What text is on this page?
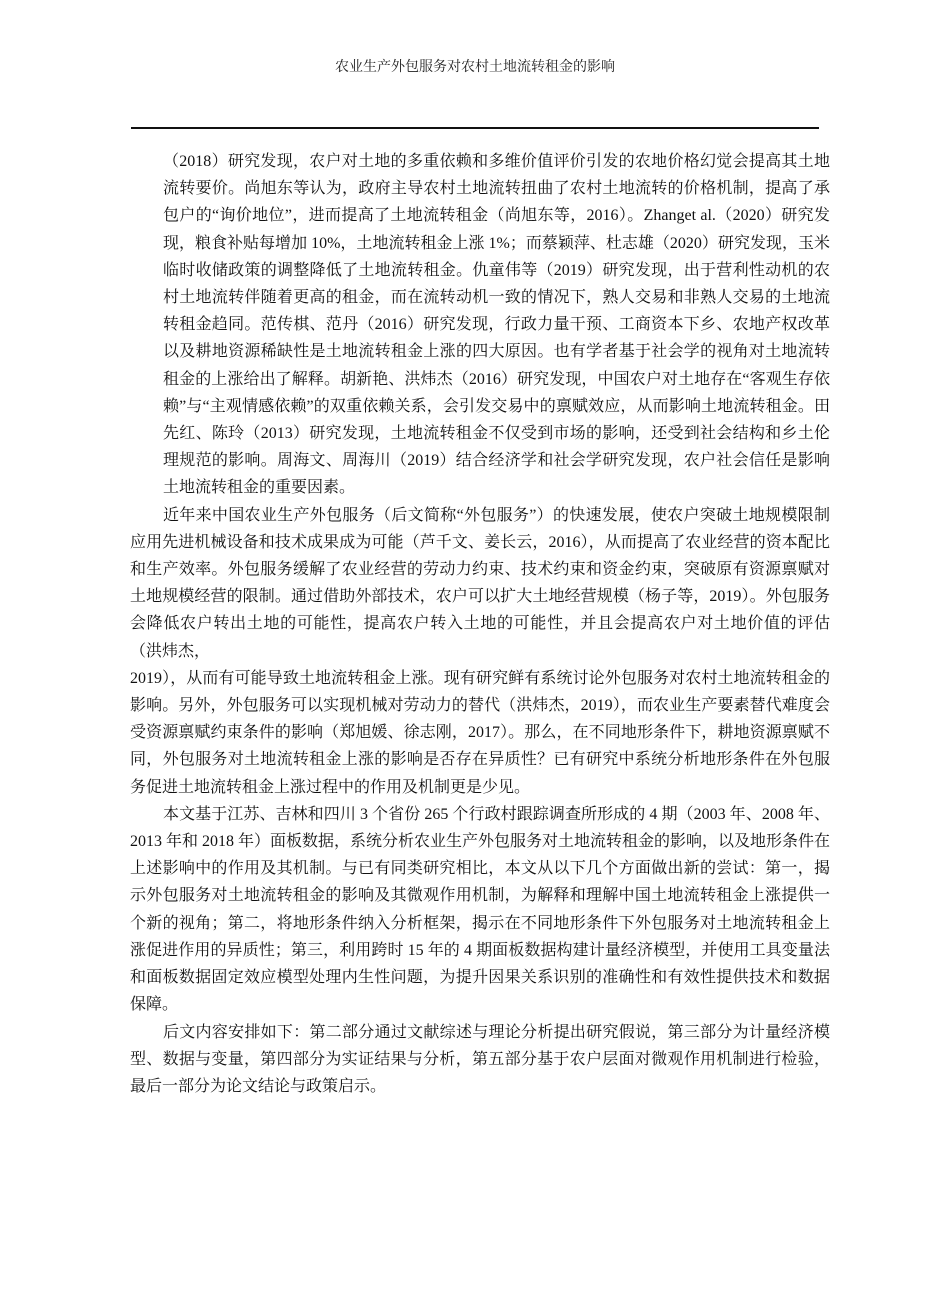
农业生产外包服务对农村土地流转租金的影响

（2018）研究发现，农户对土地的多重依赖和多维价值评价引发的农地价格幻觉会提高其土地流转要价。尚旭东等认为，政府主导农村土地流转扭曲了农村土地流转的价格机制，提高了承包户的“询价地位”，进而提高了土地流转租金（尚旭东等，2016）。Zhanget al.（2020）研究发现，粮食补贴每增加 10%，土地流转租金上涨 1%；而蔡颖萍、杜志雄（2020）研究发现，玉米临时收储政策的调整降低了土地流转租金。仇童伟等（2019）研究发现，出于营利性动机的农村土地流转伴随着更高的租金，而在流转动机一致的情况下，熟人交易和非熟人交易的土地流转租金趋同。范传棋、范丹（2016）研究发现，行政力量干预、工商资本下乡、农地产权改革以及耕地资源稀缺性是土地流转租金上涨的四大原因。也有学者基于社会学的视角对土地流转租金的上涨给出了解释。胡新艳、洪炜杰（2016）研究发现，中国农户对土地存在“客观生存依赖”与“主观情感依赖”的双重依赖关系，会引发交易中的禀赋效应，从而影响土地流转租金。田先红、陈玲（2013）研究发现，土地流转租金不仅受到市场的影响，还受到社会结构和乡土伦理规范的影响。周海文、周海川（2019）结合经济学和社会学研究发现，农户社会信任是影响土地流转租金的重要因素。

近年来中国农业生产外包服务（后文简称“外包服务”）的快速发展，使农户突破土地规模限制应用先进机械设备和技术成果成为可能（芦千文、姜长云，2016），从而提高了农业经营的资本配比和生产效率。外包服务缓解了农业经营的劳动力约束、技术约束和资金约束，突破原有资源禀赋对土地规模经营的限制。通过借助外部技术，农户可以扩大土地经营规模（杨子等，2019）。外包服务会降低农户转出土地的可能性，提高农户转入土地的可能性，并且会提高农户对土地价值的评估（洪炜杰，
2019），从而有可能导致土地流转租金上涨。现有研究鲜有系统讨论外包服务对农村土地流转租金的影响。另外，外包服务可以实现机械对劳动力的替代（洪炜杰，2019），而农业生产要素替代难度会受资源禀赋约束条件的影响（郑旭媛、徐志刚，2017）。那么，在不同地形条件下，耕地资源禀赋不同，外包服务对土地流转租金上涨的影响是否存在异质性？已有研究中系统分析地形条件在外包服务促进土地流转租金上涨过程中的作用及机制更是少见。

本文基于江苏、吉林和四川 3 个省份 265 个行政村跟踪调查所形成的 4 期（2003 年、2008 年、2013 年和 2018 年）面板数据，系统分析农业生产外包服务对土地流转租金的影响，以及地形条件在上述影响中的作用及其机制。与已有同类研究相比，本文从以下几个方面做出新的尝试：第一，揭示外包服务对土地流转租金的影响及其微观作用机制，为解释和理解中国土地流转租金上涨提供一个新的视角；第二，将地形条件纳入分析框架，揭示在不同地形条件下外包服务对土地流转租金上涨促进作用的异质性；第三，利用跨时 15 年的 4 期面板数据构建计量经济模型，并使用工具变量法和面板数据固定效应模型处理内生性问题，为提升因果关系识别的准确性和有效性提供技术和数据保障。

后文内容安排如下：第二部分通过文献综述与理论分析提出研究假说，第三部分为计量经济模型、数据与变量，第四部分为实证结果与分析，第五部分基于农户层面对微观作用机制进行检验，最后一部分为论文结论与政策启示。
